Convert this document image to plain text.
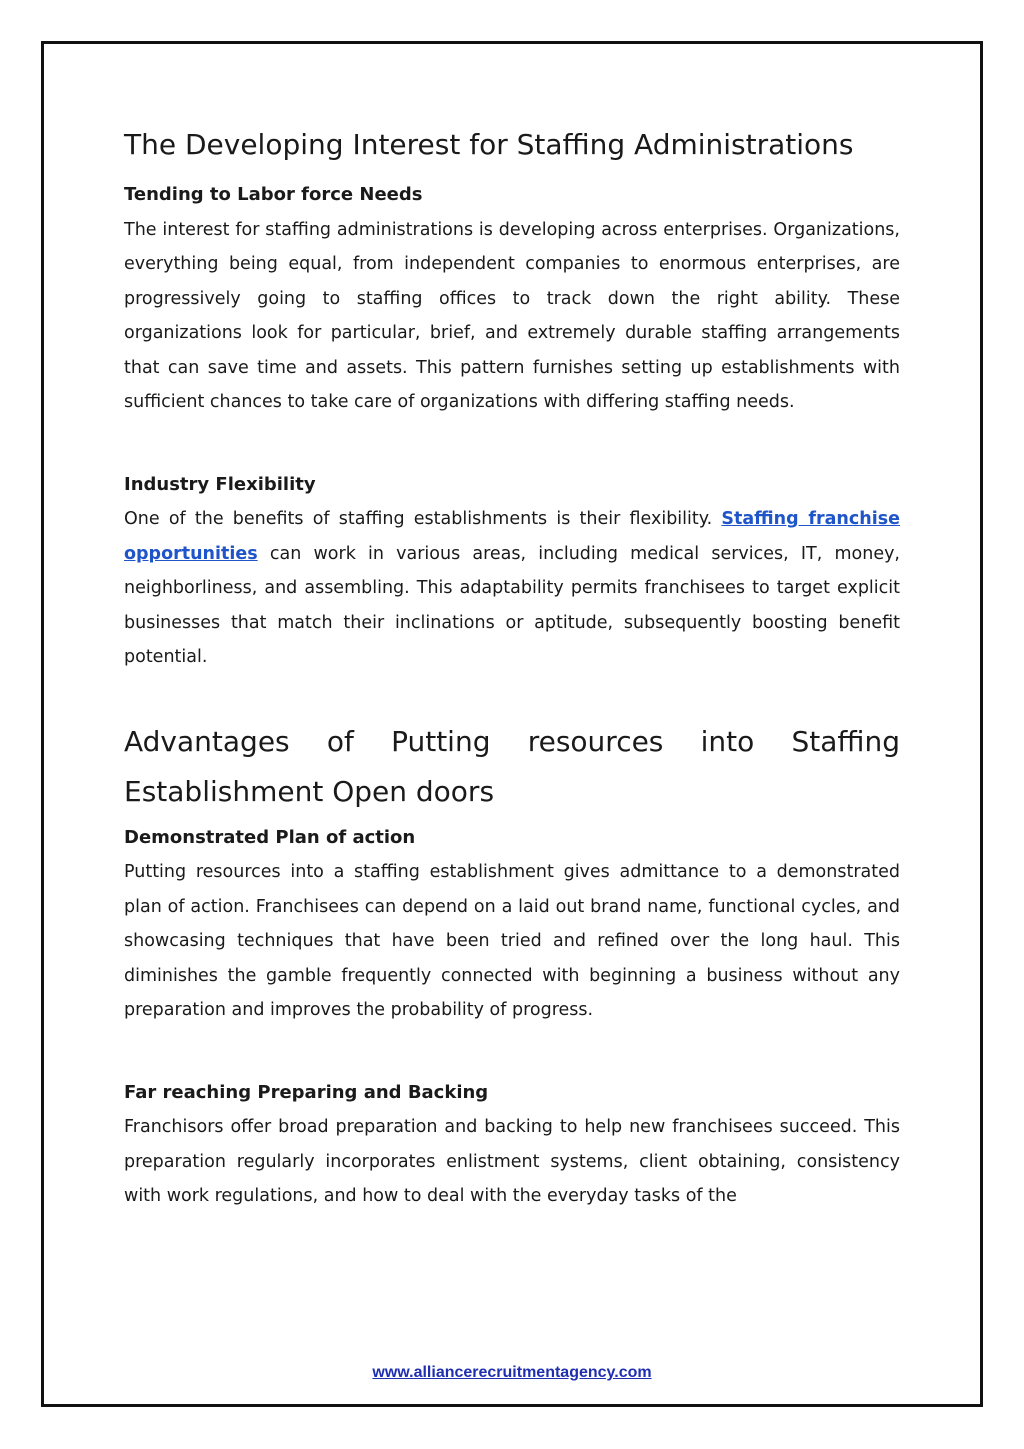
The Developing Interest for Staffing Administrations
Tending to Labor force Needs

The interest for staffing administrations is developing across enterprises. Organizations, everything being equal, from independent companies to enormous enterprises, are progressively going to staffing offices to track down the right ability. These organizations look for particular, brief, and extremely durable staffing arrangements that can save time and assets. This pattern furnishes setting up establishments with sufficient chances to take care of organizations with differing staffing needs.

Industry Flexibility

One of the benefits of staffing establishments is their flexibility. Staffing franchise opportunities can work in various areas, including medical services, IT, money, neighborliness, and assembling. This adaptability permits franchisees to target explicit businesses that match their inclinations or aptitude, subsequently boosting benefit potential.

Advantages of Putting resources into Staffing Establishment Open doors
Demonstrated Plan of action

Putting resources into a staffing establishment gives admittance to a demonstrated plan of action. Franchisees can depend on a laid out brand name, functional cycles, and showcasing techniques that have been tried and refined over the long haul. This diminishes the gamble frequently connected with beginning a business without any preparation and improves the probability of progress.

Far reaching Preparing and Backing

Franchisors offer broad preparation and backing to help new franchisees succeed. This preparation regularly incorporates enlistment systems, client obtaining, consistency with work regulations, and how to deal with the everyday tasks of the

www.alliancerecruitmentagency.com
